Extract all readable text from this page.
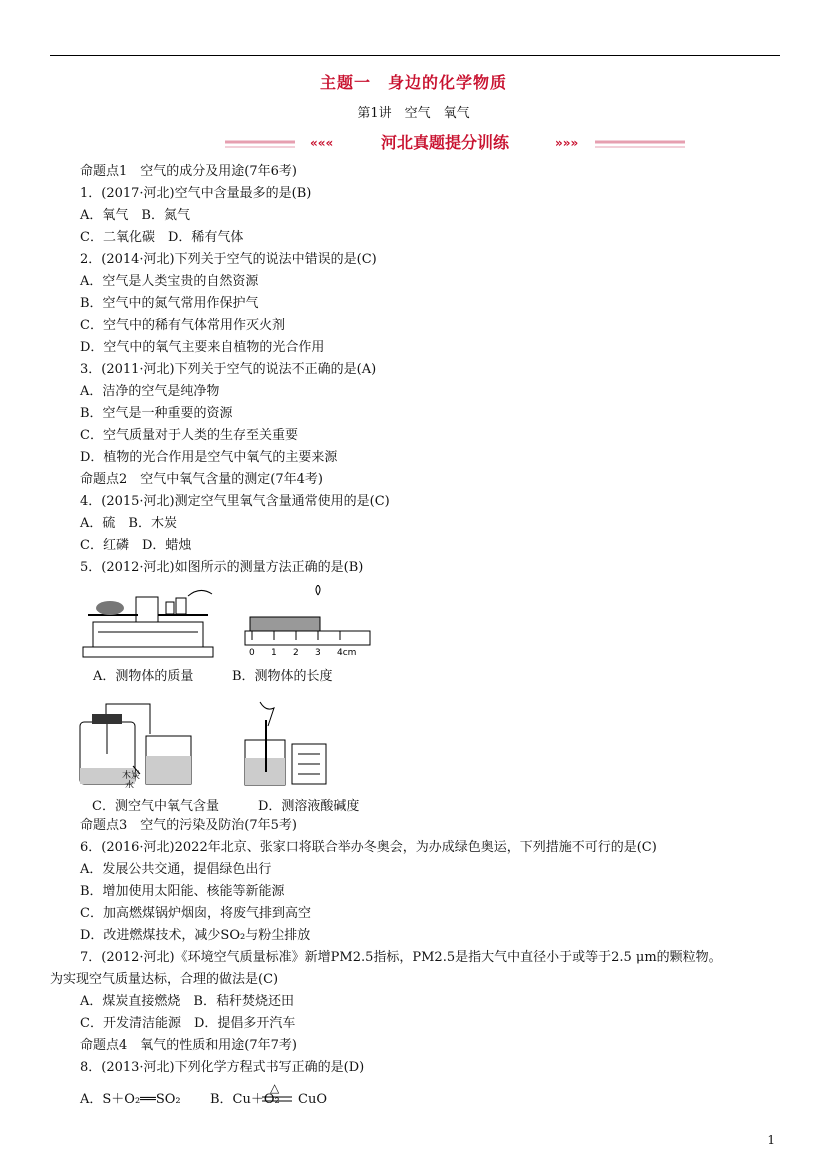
主题一　身边的化学物质
第1讲　空气　氧气
«««	»»»
河北真题提分训练
命题点1　空气的成分及用途(7年6考)
1．(2017·河北)空气中含量最多的是(B)
A．氧气　B．氮气
C．二氧化碳　D．稀有气体
2．(2014·河北)下列关于空气的说法中错误的是(C)
A．空气是人类宝贵的自然资源
B．空气中的氮气常用作保护气
C．空气中的稀有气体常用作灭火剂
D．空气中的氧气主要来自植物的光合作用
3．(2011·河北)下列关于空气的说法不正确的是(A)
A．洁净的空气是纯净物
B．空气是一种重要的资源
C．空气质量对于人类的生存至关重要
D．植物的光合作用是空气中氧气的主要来源
命题点2　空气中氧气含量的测定(7年4考)
4．(2015·河北)测定空气里氧气含量通常使用的是(C)
A．硫　B．木炭
C．红磷　D．蜡烛
5．(2012·河北)如图所示的测量方法正确的是(B)
A．测物体的质量
0 1 2 3 4cm
B．测物体的长度
木炭
水
C．测空气中氧气含量	D．测溶液酸碱度
命题点3　空气的污染及防治(7年5考)
6．(2016·河北)2022年北京、张家口将联合举办冬奥会，为办成绿色奥运，下列措施不可行的是(C)
A．发展公共交通，提倡绿色出行
B．增加使用太阳能、核能等新能源
C．加高燃煤锅炉烟囱，将废气排到高空
D．改进燃煤技术，减少SO₂与粉尘排放
7．(2012·河北)《环境空气质量标准》新增PM2.5指标，PM2.5是指大气中直径小于或等于2.5 μm的颗粒物。
为实现空气质量达标，合理的做法是(C)
A．煤炭直接燃烧　B．秸秆焚烧还田
C．开发清洁能源　D．提倡多开汽车
命题点4　氧气的性质和用途(7年7考)
8．(2013·河北)下列化学方程式书写正确的是(D)
A．S＋O₂══SO₂ B．Cu＋O₂
△
CuO
1
